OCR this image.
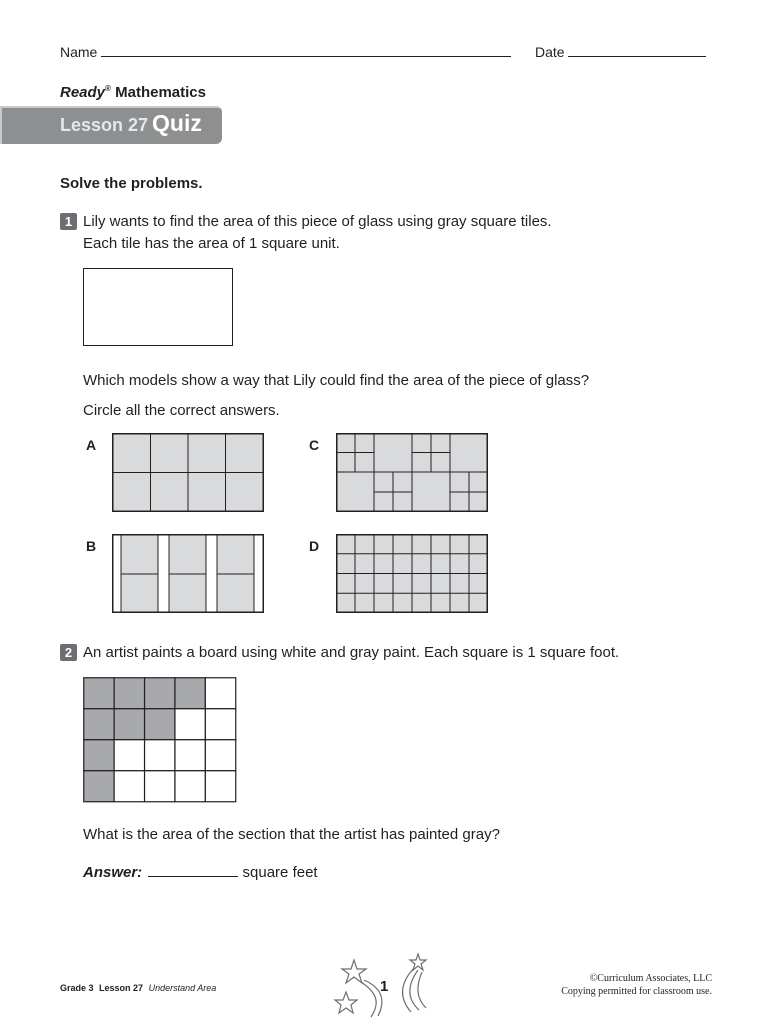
Name	Date
Ready® Mathematics
Lesson 27 Quiz
Solve the problems.
1 Lily wants to find the area of this piece of glass using gray square tiles.
Each tile has the area of 1 square unit.
Which models show a way that Lily could find the area of the piece of glass?
Circle all the correct answers.
A	C
B	D
2 An artist paints a board using white and gray paint. Each square is 1 square foot.
What is the area of the section that the artist has painted gray?
Answer:	square feet
Grade 3 Lesson 27 Understand Area	1	©Curriculum Associates, LLC
Copying permitted for classroom use.
